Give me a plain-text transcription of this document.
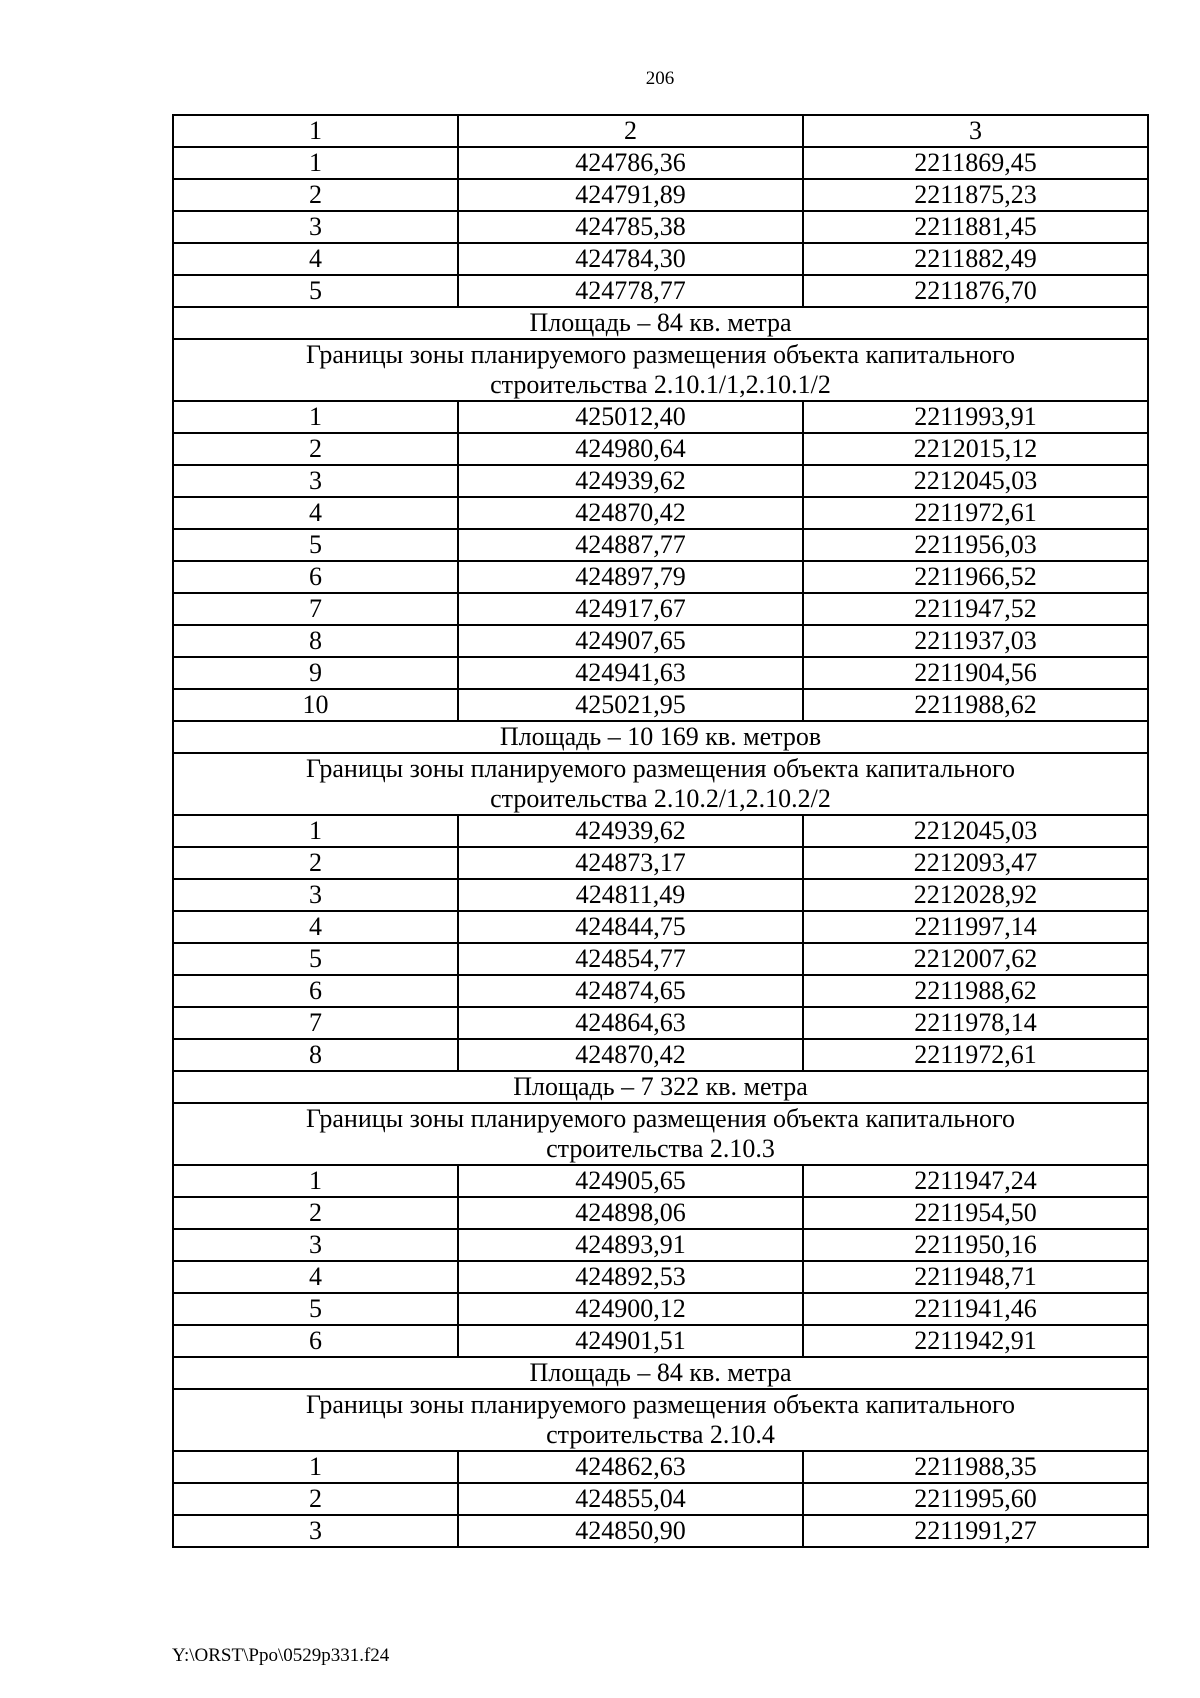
206
1	2	3
1	424786,36	2211869,45
2	424791,89	2211875,23
3	424785,38	2211881,45
4	424784,30	2211882,49
5	424778,77	2211876,70
Площадь – 84 кв. метра		

Границы зоны планируемого размещения объекта капитального
строительства 2.10.1/1,2.10.1/2		

1	425012,40	2211993,91
2	424980,64	2212015,12
3	424939,62	2212045,03
4	424870,42	2211972,61
5	424887,77	2211956,03
6	424897,79	2211966,52
7	424917,67	2211947,52
8	424907,65	2211937,03
9	424941,63	2211904,56
10	425021,95	2211988,62
Площадь – 10 169 кв. метров		

Границы зоны планируемого размещения объекта капитального
строительства 2.10.2/1,2.10.2/2		

1	424939,62	2212045,03
2	424873,17	2212093,47
3	424811,49	2212028,92
4	424844,75	2211997,14
5	424854,77	2212007,62
6	424874,65	2211988,62
7	424864,63	2211978,14
8	424870,42	2211972,61
Площадь – 7 322 кв. метра		

Границы зоны планируемого размещения объекта капитального
строительства 2.10.3		

1	424905,65	2211947,24
2	424898,06	2211954,50
3	424893,91	2211950,16
4	424892,53	2211948,71
5	424900,12	2211941,46
6	424901,51	2211942,91
Площадь – 84 кв. метра		

Границы зоны планируемого размещения объекта капитального
строительства 2.10.4		

1	424862,63	2211988,35
2	424855,04	2211995,60
3	424850,90	2211991,27
Y:\ORST\Ppo\0529p331.f24
